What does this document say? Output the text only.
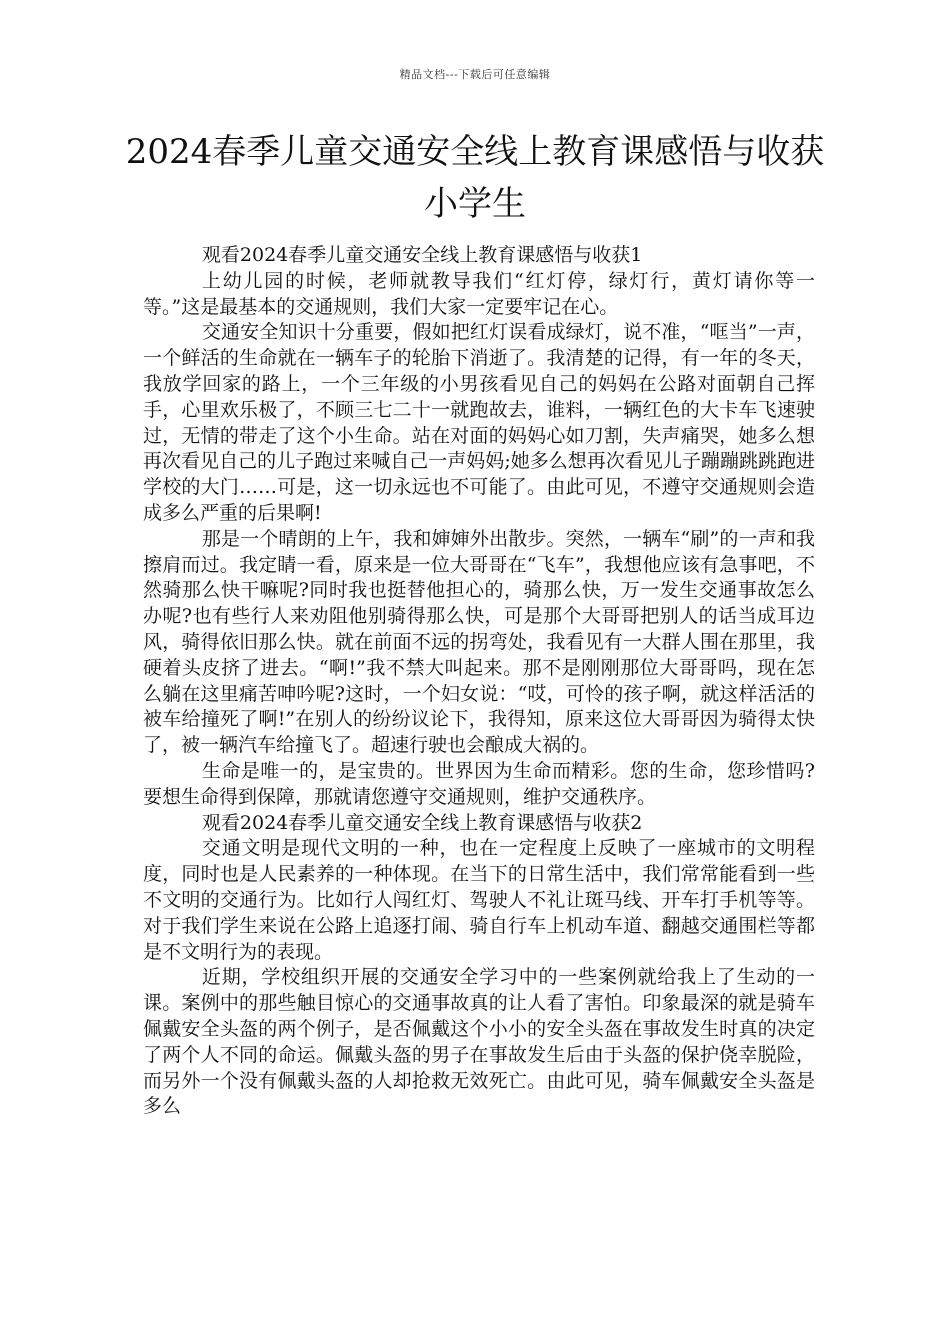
精品文档---下载后可任意编辑
2024春季儿童交通安全线上教育课感悟与收获小学生

观看2024春季儿童交通安全线上教育课感悟与收获1

上幼儿园的时候，老师就教导我们“红灯停，绿灯行，黄灯请你等一等。”这是最基本的交通规则，我们大家一定要牢记在心。

交通安全知识十分重要，假如把红灯误看成绿灯，说不准，“哐当”一声，一个鲜活的生命就在一辆车子的轮胎下消逝了。我清楚的记得，有一年的冬天，我放学回家的路上，一个三年级的小男孩看见自己的妈妈在公路对面朝自己挥手，心里欢乐极了，不顾三七二十一就跑故去，谁料，一辆红色的大卡车飞速驶过，无情的带走了这个小生命。站在对面的妈妈心如刀割，失声痛哭，她多么想再次看见自己的儿子跑过来喊自己一声妈妈;她多么想再次看见儿子蹦蹦跳跳跑进学校的大门……可是，这一切永远也不可能了。由此可见，不遵守交通规则会造成多么严重的后果啊!

那是一个晴朗的上午，我和婶婶外出散步。突然，一辆车“刷”的一声和我擦肩而过。我定睛一看，原来是一位大哥哥在“飞车”，我想他应该有急事吧，不然骑那么快干嘛呢?同时我也挺替他担心的，骑那么快，万一发生交通事故怎么办呢?也有些行人来劝阻他别骑得那么快，可是那个大哥哥把别人的话当成耳边风，骑得依旧那么快。就在前面不远的拐弯处，我看见有一大群人围在那里，我硬着头皮挤了进去。“啊!”我不禁大叫起来。那不是刚刚那位大哥哥吗，现在怎么躺在这里痛苦呻吟呢?这时，一个妇女说：“哎，可怜的孩子啊，就这样活活的被车给撞死了啊!”在别人的纷纷议论下，我得知，原来这位大哥哥因为骑得太快了，被一辆汽车给撞飞了。超速行驶也会酿成大祸的。

生命是唯一的，是宝贵的。世界因为生命而精彩。您的生命，您珍惜吗?要想生命得到保障，那就请您遵守交通规则，维护交通秩序。

观看2024春季儿童交通安全线上教育课感悟与收获2

交通文明是现代文明的一种，也在一定程度上反映了一座城市的文明程度，同时也是人民素养的一种体现。在当下的日常生活中，我们常常能看到一些不文明的交通行为。比如行人闯红灯、驾驶人不礼让斑马线、开车打手机等等。对于我们学生来说在公路上追逐打闹、骑自行车上机动车道、翻越交通围栏等都是不文明行为的表现。

近期，学校组织开展的交通安全学习中的一些案例就给我上了生动的一课。案例中的那些触目惊心的交通事故真的让人看了害怕。印象最深的就是骑车佩戴安全头盔的两个例子，是否佩戴这个小小的安全头盔在事故发生时真的决定了两个人不同的命运。佩戴头盔的男子在事故发生后由于头盔的保护侥幸脱险，而另外一个没有佩戴头盔的人却抢救无效死亡。由此可见，骑车佩戴安全头盔是多么
